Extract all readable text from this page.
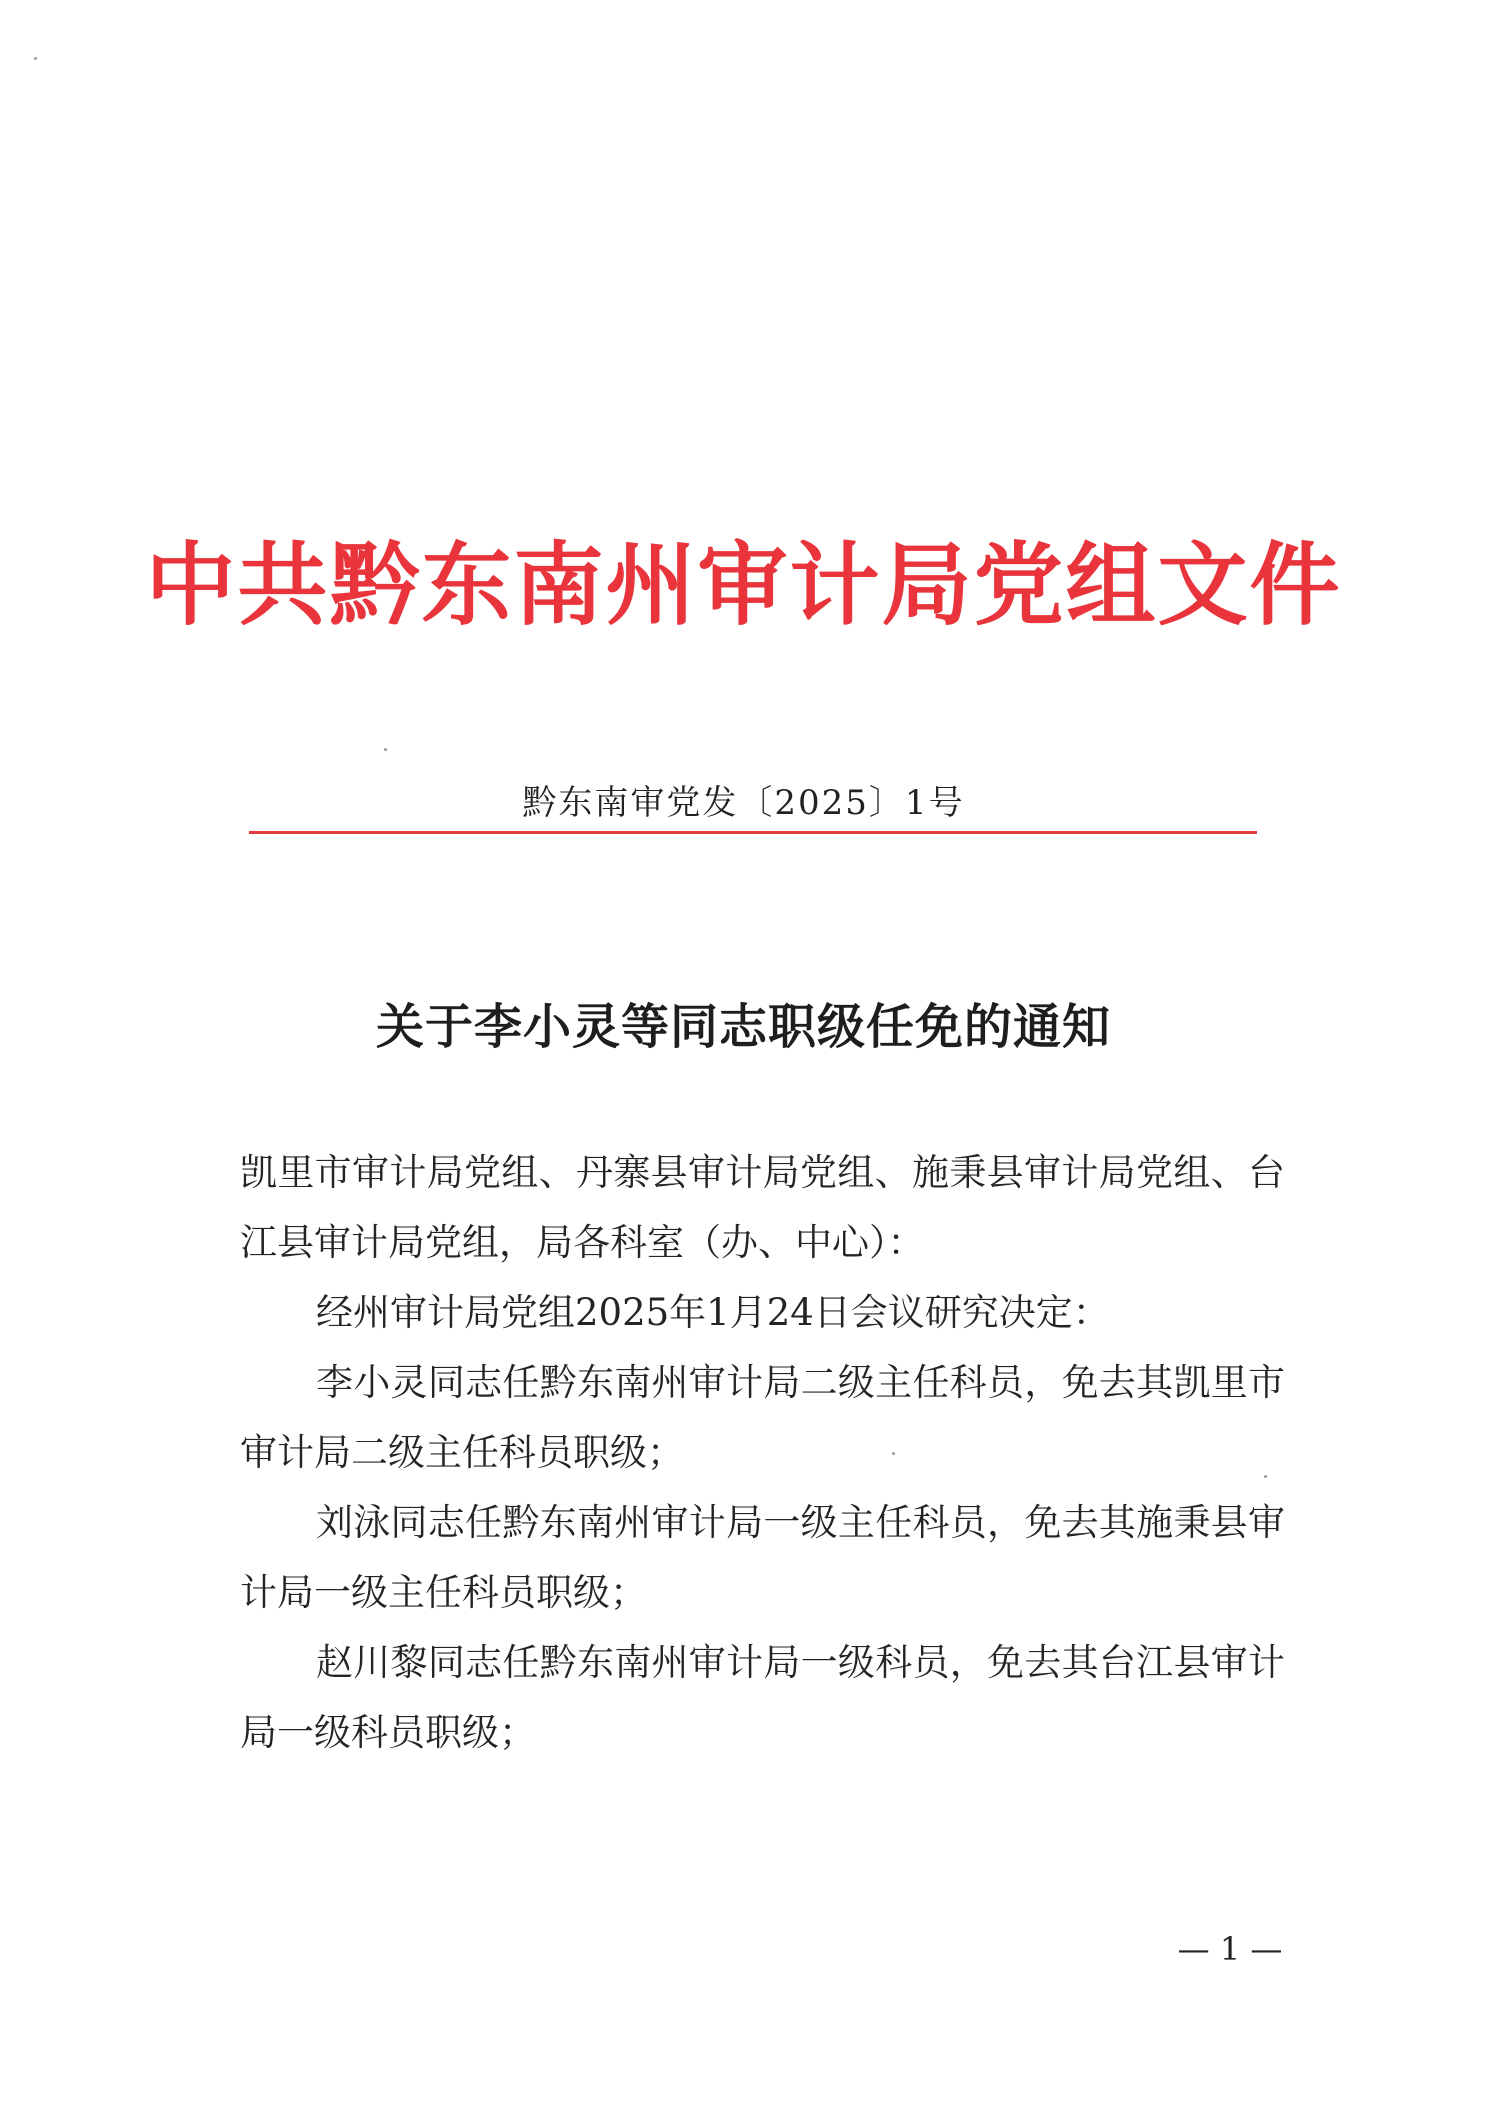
中共黔东南州审计局党组文件
黔东南审党发〔2025〕1号
关于李小灵等同志职级任免的通知

凯里市审计局党组、丹寨县审计局党组、施秉县审计局党组、台江县审计局党组，局各科室（办、中心）：

经州审计局党组2025年1月24日会议研究决定：

李小灵同志任黔东南州审计局二级主任科员，免去其凯里市审计局二级主任科员职级；

刘泳同志任黔东南州审计局一级主任科员，免去其施秉县审计局一级主任科员职级；

赵川黎同志任黔东南州审计局一级科员，免去其台江县审计局一级科员职级；

— 1 —
